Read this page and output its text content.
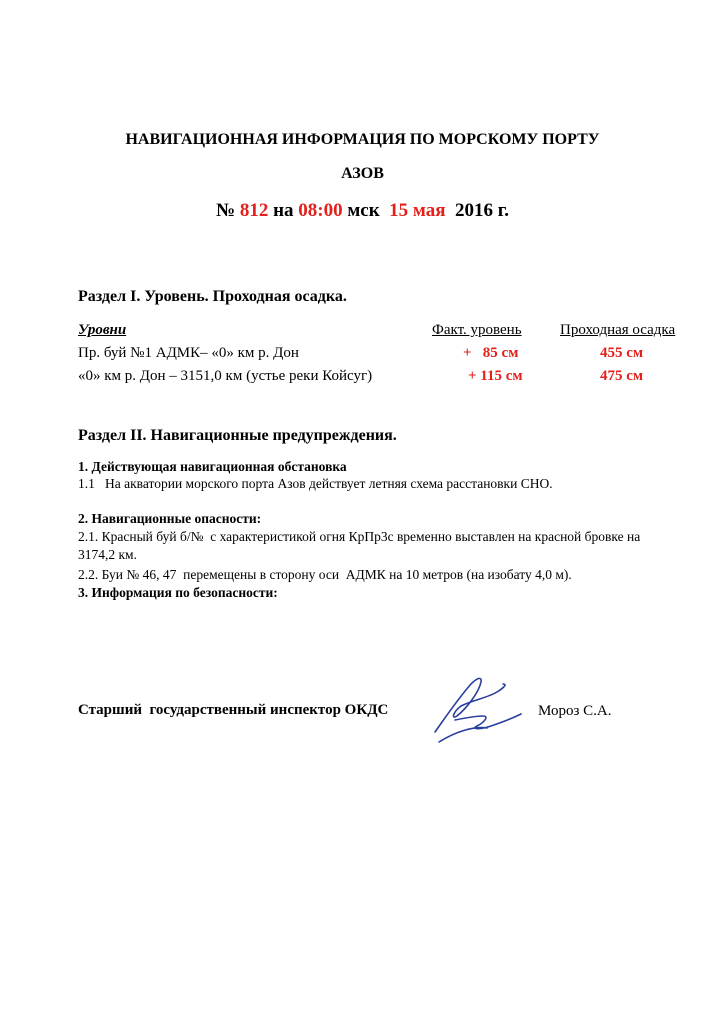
НАВИГАЦИОННАЯ ИНФОРМАЦИЯ ПО МОРСКОМУ ПОРТУ
АЗОВ
№ 812 на 08:00 мск 15 мая 2016 г.
Раздел I. Уровень. Проходная осадка.
Уровни	Факт. уровень	Проходная осадка
Пр. буй №1 АДМК– «0» км р. Дон	+   85 см	455 см
«0» км р. Дон – 3151,0 км (устье реки Койсуг)	+ 115 см	475 см
Раздел II. Навигационные предупреждения.
1. Действующая навигационная обстановка
1.1   На акватории морского порта Азов действует летняя схема расстановки СНО.
2. Навигационные опасности:
2.1. Красный буй б/№  с характеристикой огня КрПр3с временно выставлен на красной бровке на
3174,2 км.
2.2. Буи № 46, 47  перемещены в сторону оси  АДМК на 10 метров (на изобату 4,0 м).
3. Информация по безопасности:
Старший  государственный инспектор ОКДС	Мороз С.А.
